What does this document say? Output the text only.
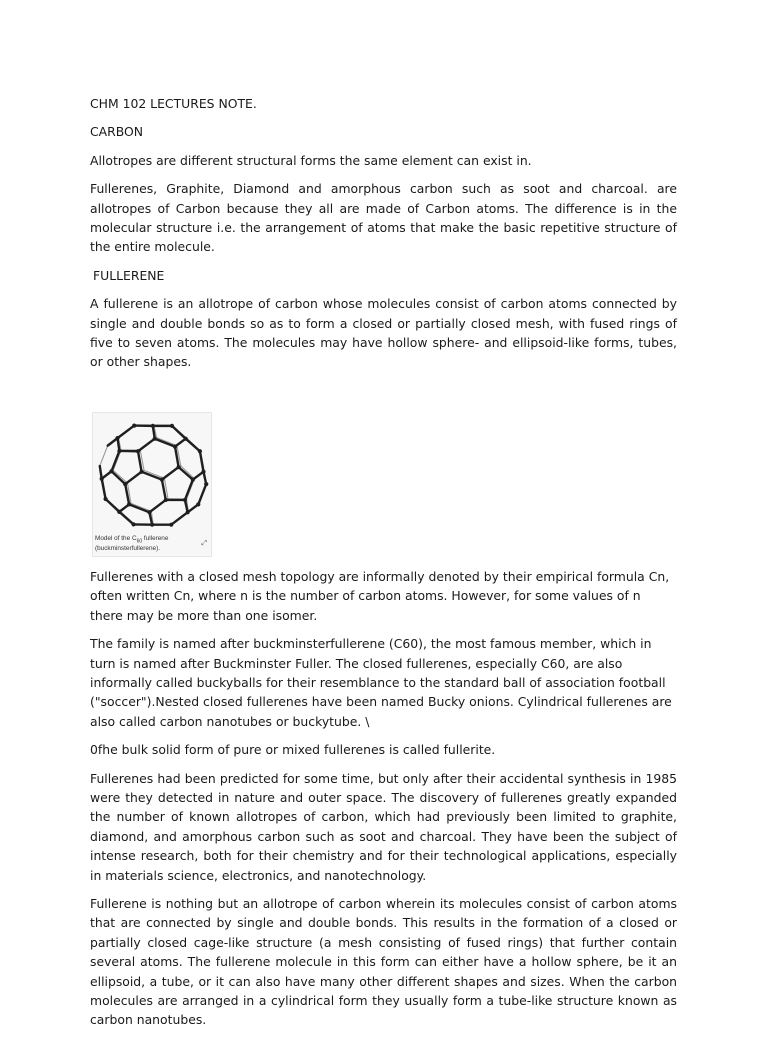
CHM 102 LECTURES NOTE.

CARBON

Allotropes are different structural forms the same element can exist in.

Fullerenes, Graphite, Diamond and amorphous carbon such as soot and charcoal. are allotropes of Carbon because they all are made of Carbon atoms. The difference is in the molecular structure i.e. the arrangement of atoms that make the basic repetitive structure of the entire molecule.

FULLERENE

A fullerene is an allotrope of carbon whose molecules consist of carbon atoms connected by single and double bonds so as to form a closed or partially closed mesh, with fused rings of five to seven atoms. The molecules may have hollow sphere- and ellipsoid-like forms, tubes, or other shapes.

Model of the $C_{60}$ fullerene
(buckminsterfullerene).
⤢

Fullerenes with a closed mesh topology are informally denoted by their empirical formula Cn, often written Cn, where n is the number of carbon atoms. However, for some values of n there may be more than one isomer.

The family is named after buckminsterfullerene (C60), the most famous member, which in turn is named after Buckminster Fuller. The closed fullerenes, especially C60, are also informally called buckyballs for their resemblance to the standard ball of association football ("soccer").Nested closed fullerenes have been named Bucky onions. Cylindrical fullerenes are also called carbon nanotubes or buckytube. \

0fhe bulk solid form of pure or mixed fullerenes is called fullerite.

Fullerenes had been predicted for some time, but only after their accidental synthesis in 1985 were they detected in nature and outer space. The discovery of fullerenes greatly expanded the number of known allotropes of carbon, which had previously been limited to graphite, diamond, and amorphous carbon such as soot and charcoal. They have been the subject of intense research, both for their chemistry and for their technological applications, especially in materials science, electronics, and nanotechnology.

Fullerene is nothing but an allotrope of carbon wherein its molecules consist of carbon atoms that are connected by single and double bonds. This results in the formation of a closed or partially closed cage-like structure (a mesh consisting of fused rings) that further contain several atoms. The fullerene molecule in this form can either have a hollow sphere, be it an ellipsoid, a tube, or it can also have many other different shapes and sizes. When the carbon molecules are arranged in a cylindrical form they usually form a tube-like structure known as carbon nanotubes.
